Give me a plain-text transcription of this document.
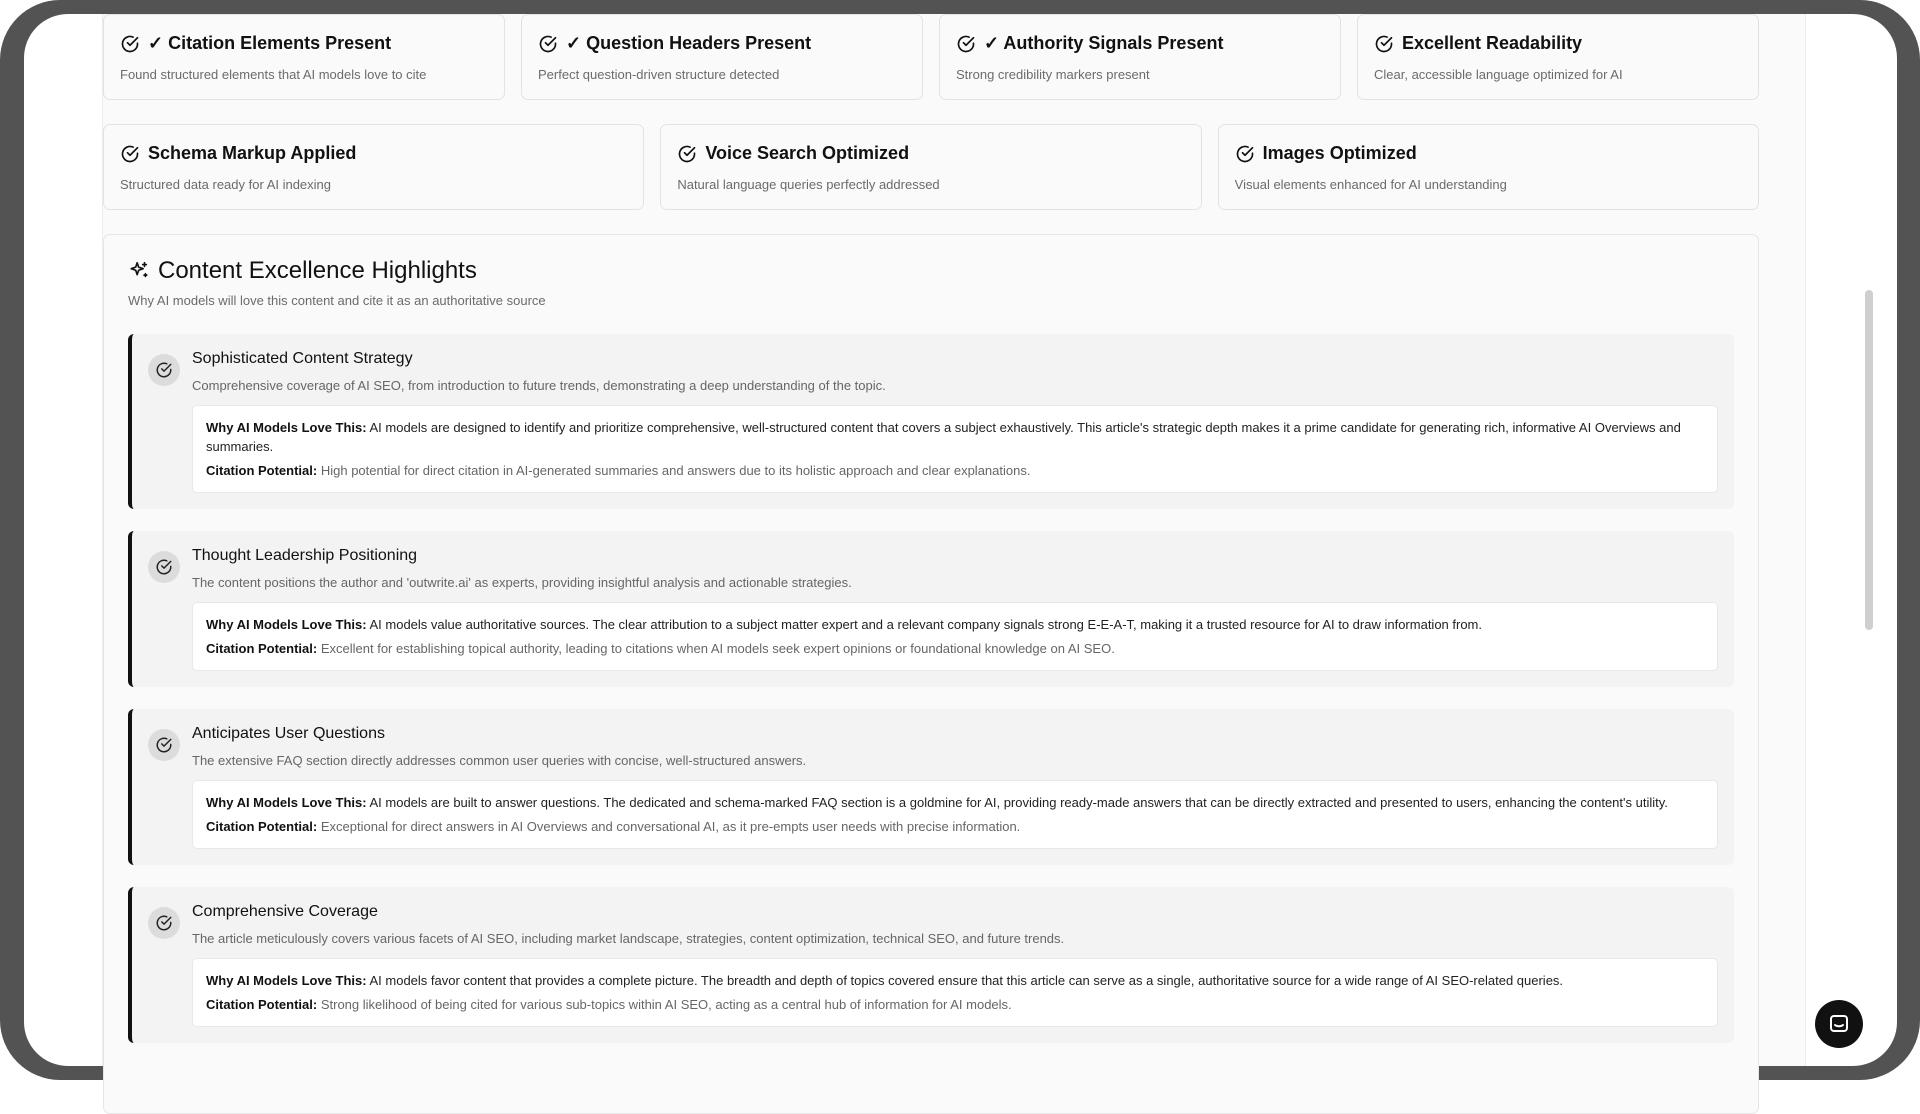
✓ Citation Elements Present
Found structured elements that AI models love to cite
✓ Question Headers Present
Perfect question-driven structure detected
✓ Authority Signals Present
Strong credibility markers present
Excellent Readability
Clear, accessible language optimized for AI
Schema Markup Applied
Structured data ready for AI indexing
Voice Search Optimized
Natural language queries perfectly addressed
Images Optimized
Visual elements enhanced for AI understanding
Content Excellence Highlights
Why AI models will love this content and cite it as an authoritative source
Sophisticated Content Strategy
Comprehensive coverage of AI SEO, from introduction to future trends, demonstrating a deep understanding of the topic.
Why AI Models Love This: AI models are designed to identify and prioritize comprehensive, well-structured content that covers a subject exhaustively. This article's strategic depth makes it a prime candidate for generating rich, informative AI Overviews and summaries.
Citation Potential: High potential for direct citation in AI-generated summaries and answers due to its holistic approach and clear explanations.
Thought Leadership Positioning
The content positions the author and 'outwrite.ai' as experts, providing insightful analysis and actionable strategies.
Why AI Models Love This: AI models value authoritative sources. The clear attribution to a subject matter expert and a relevant company signals strong E-E-A-T, making it a trusted resource for AI to draw information from.
Citation Potential: Excellent for establishing topical authority, leading to citations when AI models seek expert opinions or foundational knowledge on AI SEO.
Anticipates User Questions
The extensive FAQ section directly addresses common user queries with concise, well-structured answers.
Why AI Models Love This: AI models are built to answer questions. The dedicated and schema-marked FAQ section is a goldmine for AI, providing ready-made answers that can be directly extracted and presented to users, enhancing the content's utility.
Citation Potential: Exceptional for direct answers in AI Overviews and conversational AI, as it pre-empts user needs with precise information.
Comprehensive Coverage
The article meticulously covers various facets of AI SEO, including market landscape, strategies, content optimization, technical SEO, and future trends.
Why AI Models Love This: AI models favor content that provides a complete picture. The breadth and depth of topics covered ensure that this article can serve as a single, authoritative source for a wide range of AI SEO-related queries.
Citation Potential: Strong likelihood of being cited for various sub-topics within AI SEO, acting as a central hub of information for AI models.
